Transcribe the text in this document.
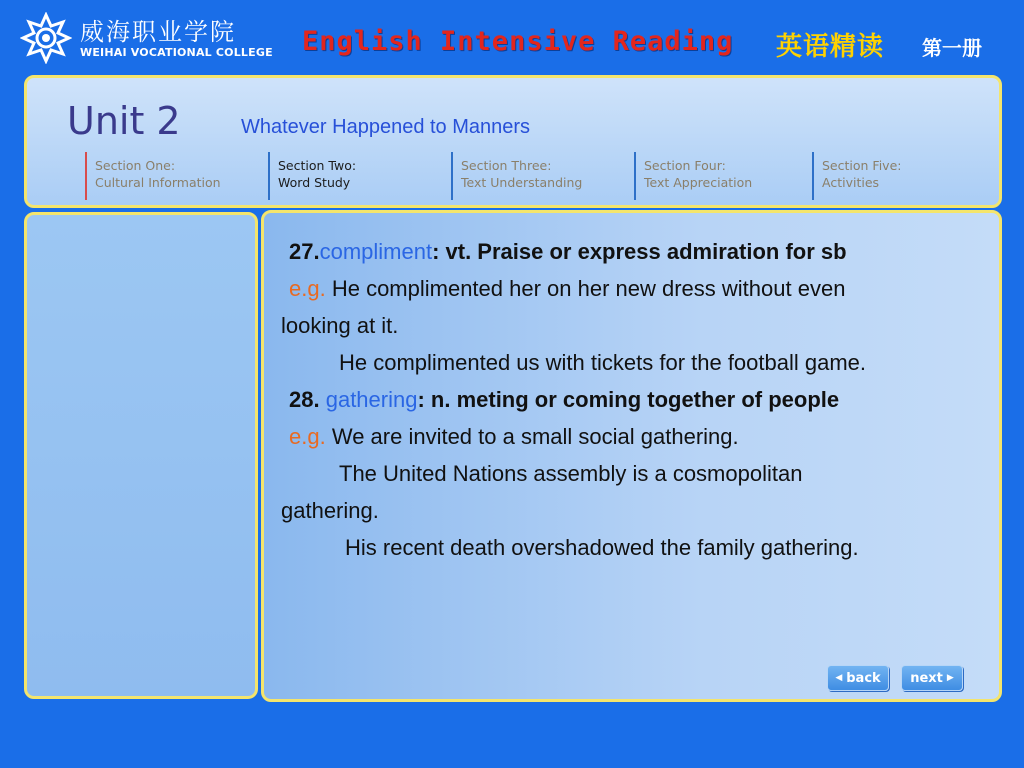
威海职业学院
WEIHAI VOCATIONAL COLLEGE English Intensive Reading 英语精读 第一册
Unit 2	Whatever Happened to Manners
Section One:
Cultural Information
Section Two:
Word Study
Section Three:
Text Understanding
Section Four:
Text Appreciation
Section Five:
Activities
27.compliment: vt. Praise or express admiration for sb
e.g. He complimented her on her new dress without even
looking at it.
He complimented us with tickets for the football game.
28. gathering: n. meting or coming together of people
e.g. We are invited to a small social gathering.
The United Nations assembly is a cosmopolitan
gathering.
His recent death overshadowed the family gathering.
◀ back next ▶
